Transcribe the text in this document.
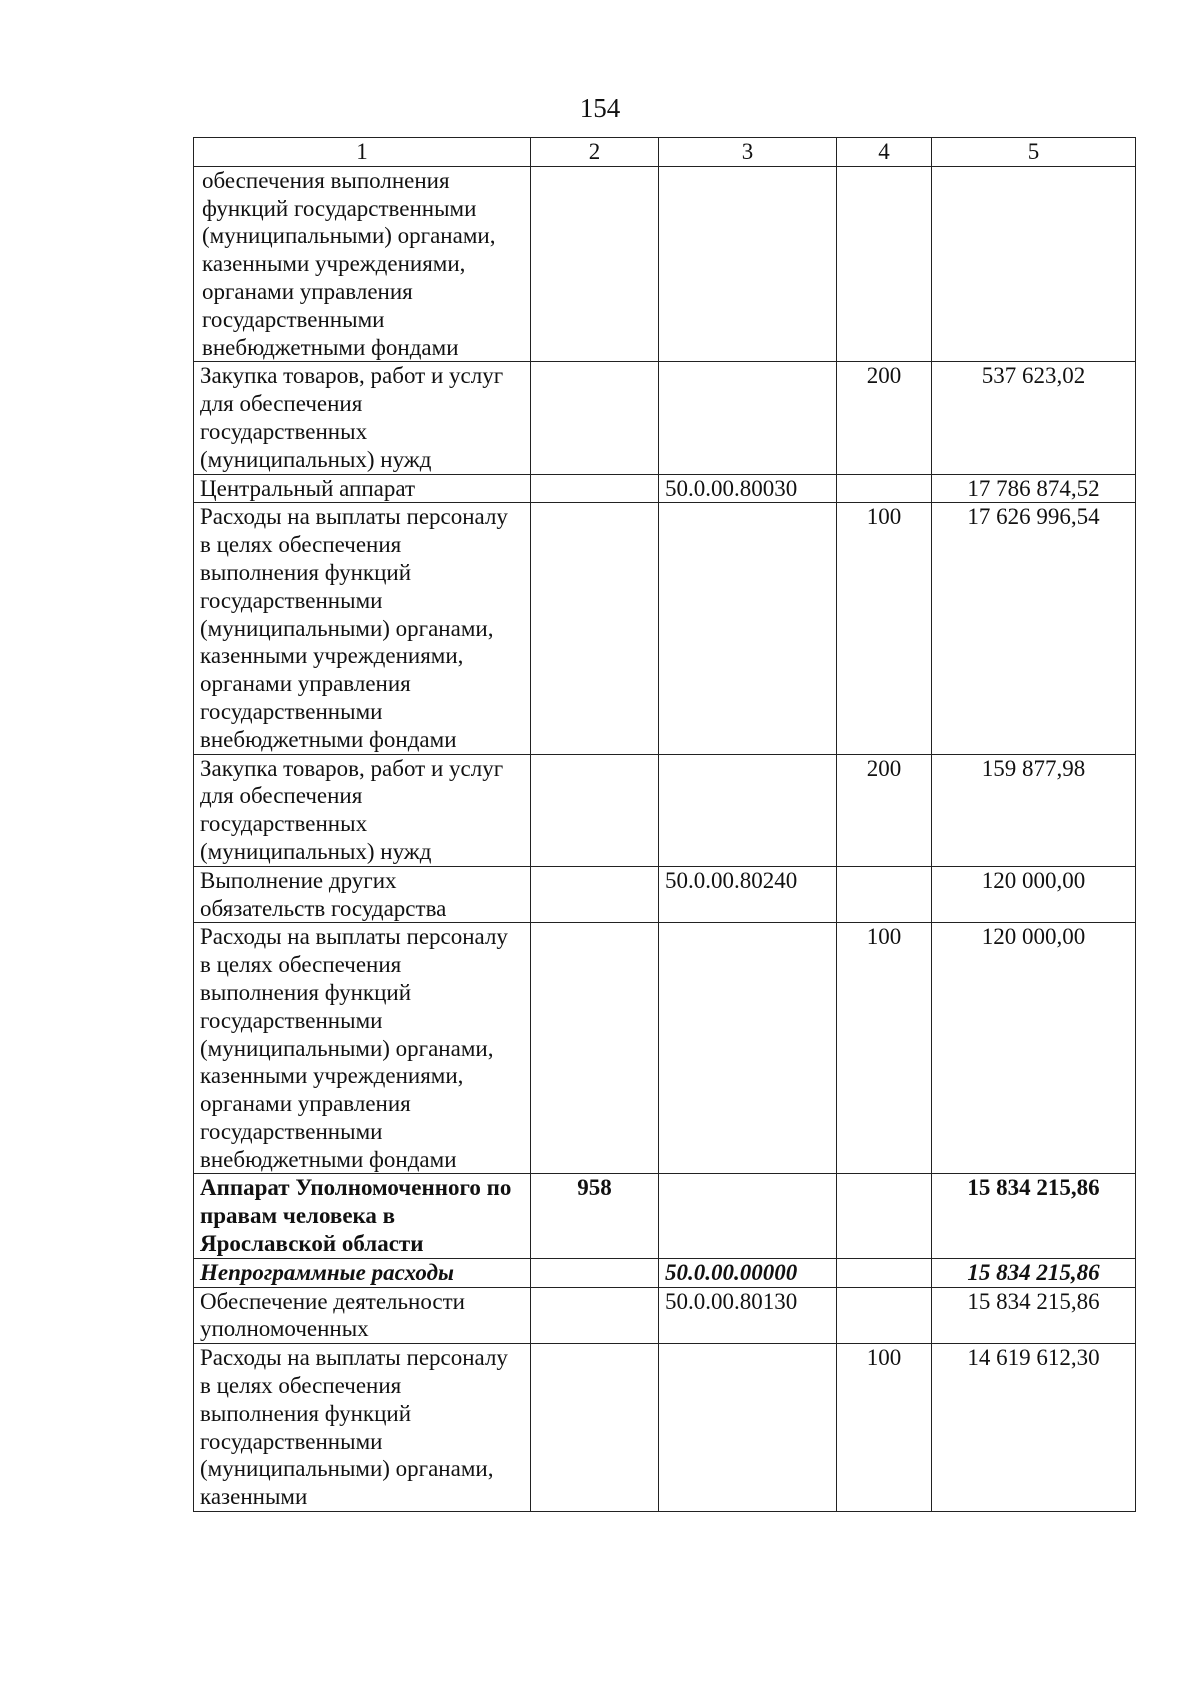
154
1	2	3	4	5
обеспечения выполнения функций государственными (муниципальными) органами, казенными учреждениями, органами управления государственными внебюджетными фондами				
Закупка товаров, работ и услуг для обеспечения государственных (муниципальных) нужд			200	537 623,02
Центральный аппарат		50.0.00.80030		17 786 874,52
Расходы на выплаты персоналу в целях обеспечения выполнения функций государственными (муниципальными) органами, казенными учреждениями, органами управления государственными внебюджетными фондами			100	17 626 996,54
Закупка товаров, работ и услуг для обеспечения государственных (муниципальных) нужд			200	159 877,98
Выполнение других обязательств государства		50.0.00.80240		120 000,00
Расходы на выплаты персоналу в целях обеспечения выполнения функций государственными (муниципальными) органами, казенными учреждениями, органами управления государственными внебюджетными фондами			100	120 000,00
Аппарат Уполномоченного по правам человека в Ярославской области	958			15 834 215,86
Непрограммные расходы		50.0.00.00000		15 834 215,86
Обеспечение деятельности уполномоченных		50.0.00.80130		15 834 215,86
Расходы на выплаты персоналу в целях обеспечения выполнения функций государственными (муниципальными) органами, казенными			100	14 619 612,30
